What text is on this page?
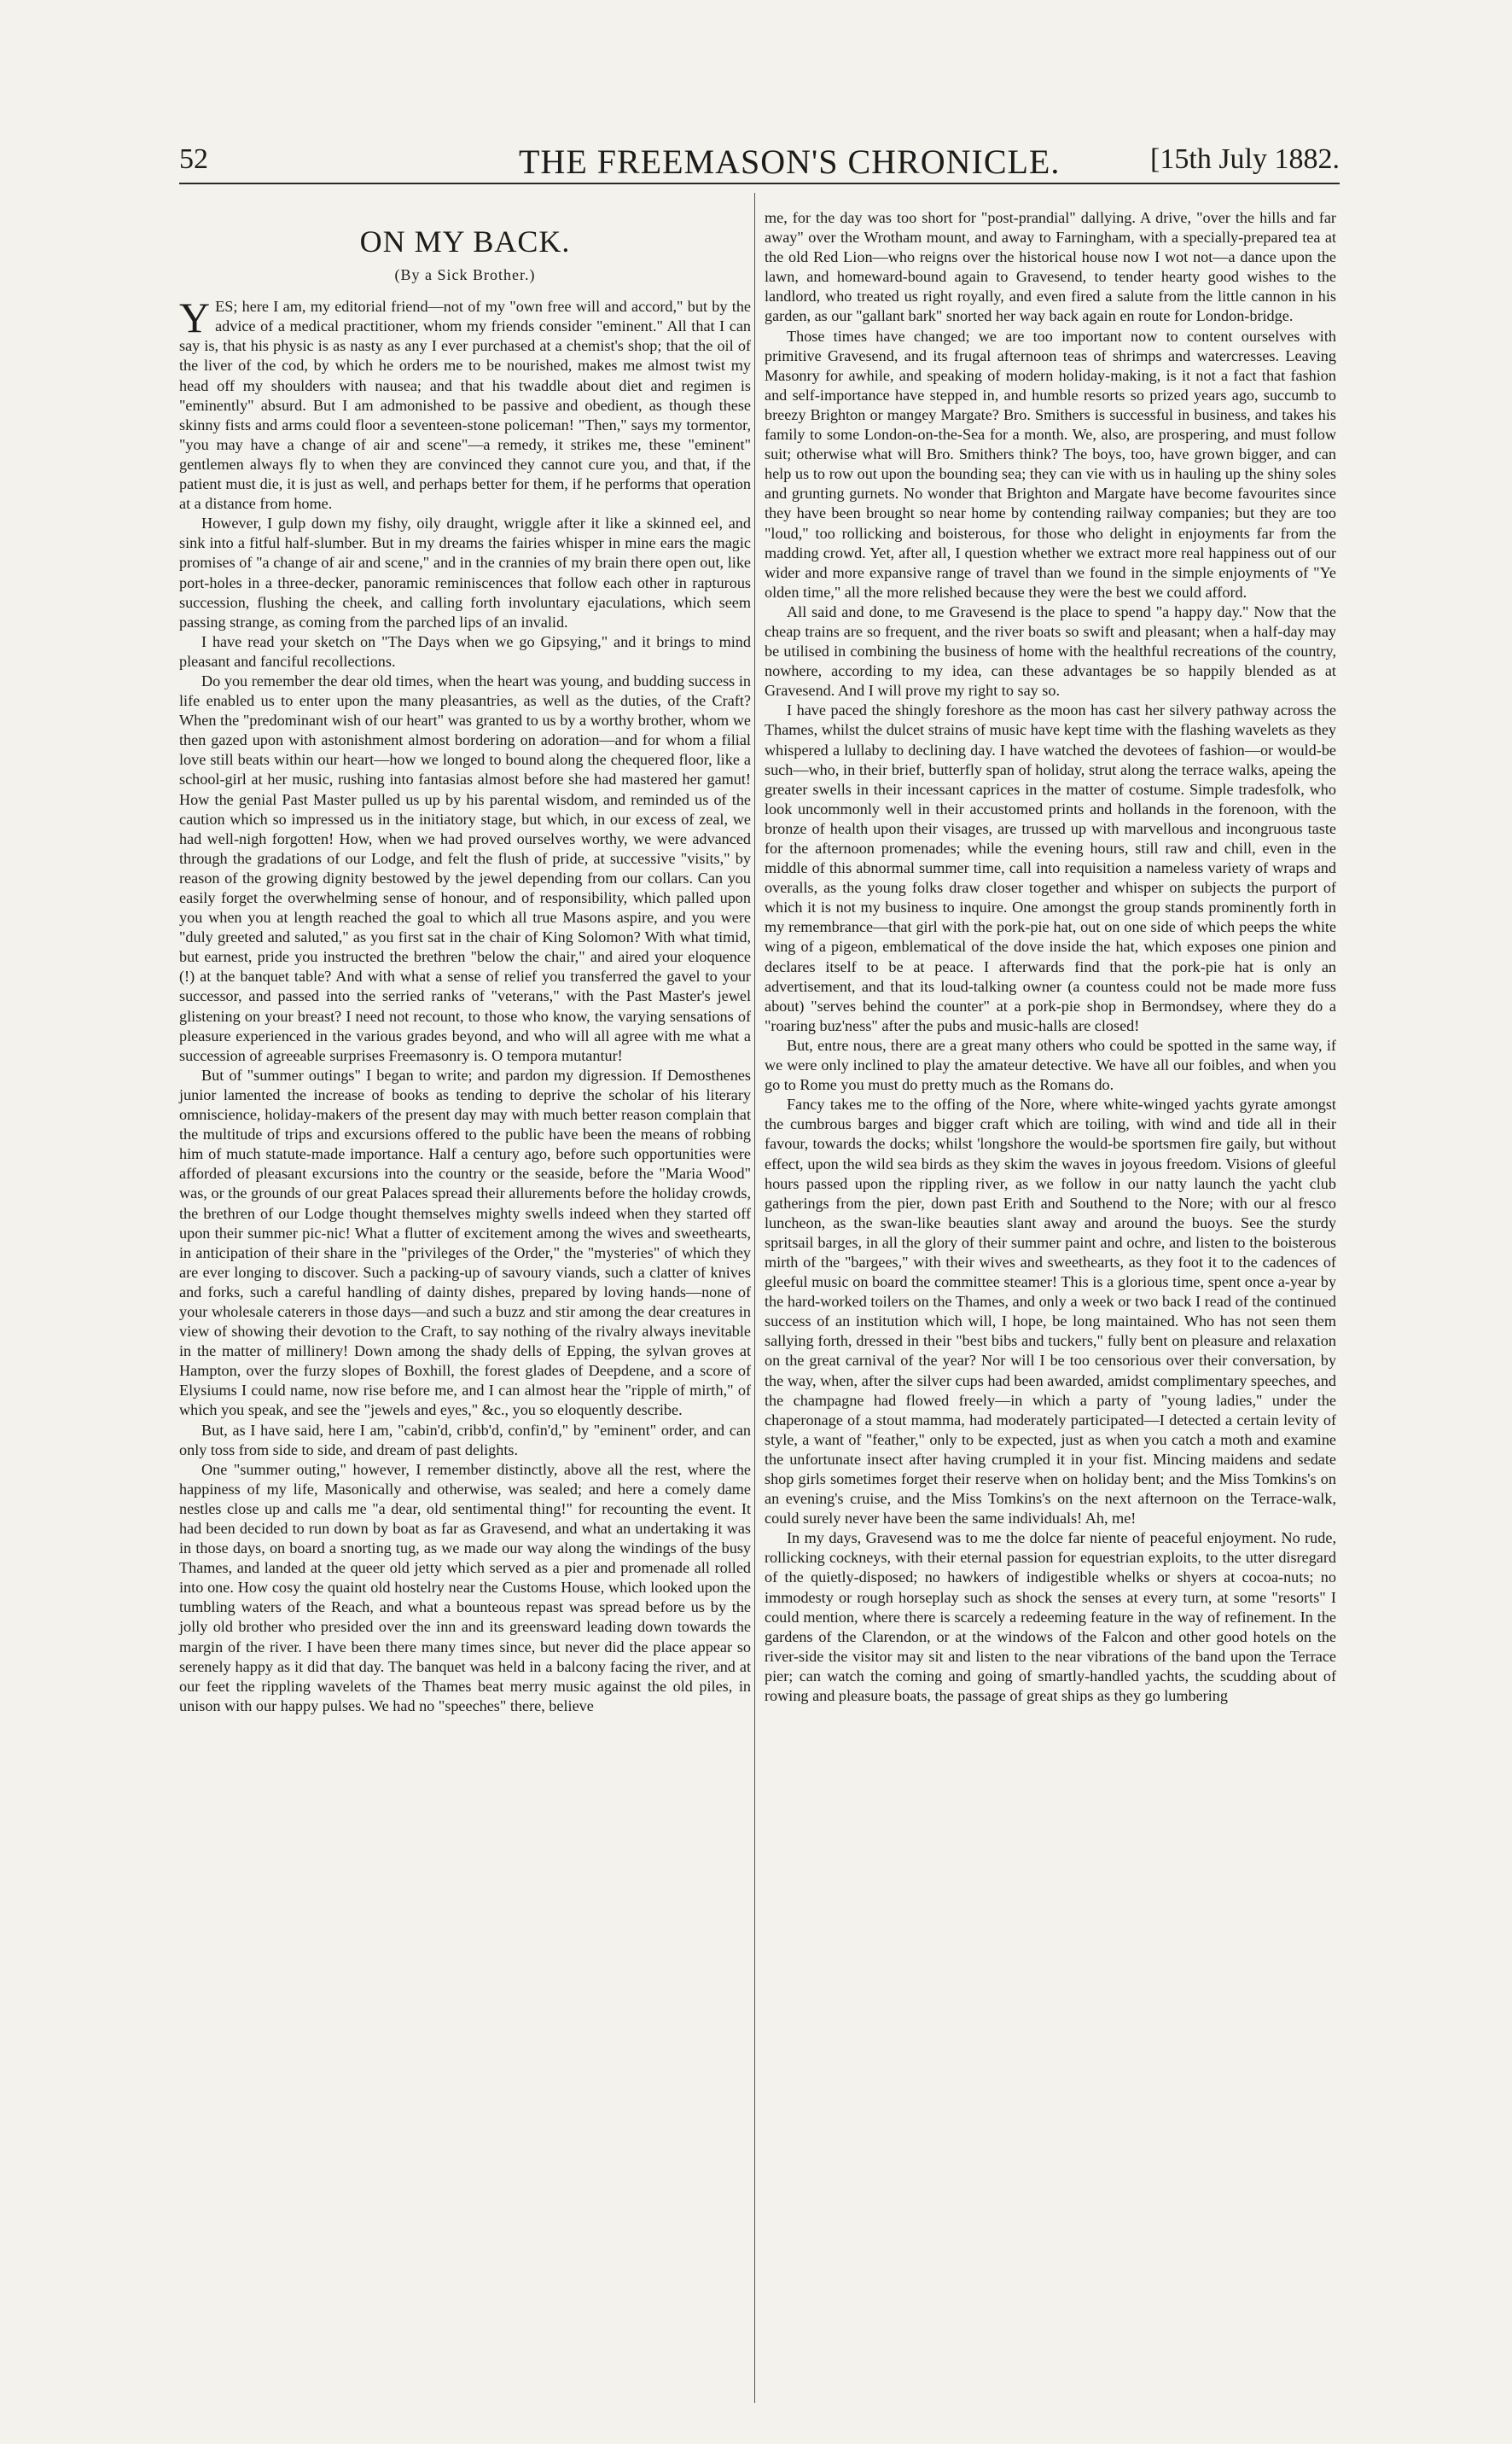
52	THE FREEMASON'S CHRONICLE.	[15th July 1882.
ON MY BACK.
(By a Sick Brother.)

YES; here I am, my editorial friend—not of my "own free will and accord," but by the advice of a medical practitioner, whom my friends consider "eminent." All that I can say is, that his physic is as nasty as any I ever purchased at a chemist's shop; that the oil of the liver of the cod, by which he orders me to be nourished, makes me almost twist my head off my shoulders with nausea; and that his twaddle about diet and regimen is "eminently" absurd. But I am admonished to be passive and obedient, as though these skinny fists and arms could floor a seventeen-stone policeman! "Then," says my tormentor, "you may have a change of air and scene"—a remedy, it strikes me, these "eminent" gentlemen always fly to when they are convinced they cannot cure you, and that, if the patient must die, it is just as well, and perhaps better for them, if he performs that operation at a distance from home.

However, I gulp down my fishy, oily draught, wriggle after it like a skinned eel, and sink into a fitful half-slumber. But in my dreams the fairies whisper in mine ears the magic promises of "a change of air and scene," and in the crannies of my brain there open out, like port-holes in a three-decker, panoramic reminiscences that follow each other in rapturous succession, flushing the cheek, and calling forth involuntary ejaculations, which seem passing strange, as coming from the parched lips of an invalid.

I have read your sketch on "The Days when we go Gipsying," and it brings to mind pleasant and fanciful recollections.

Do you remember the dear old times, when the heart was young, and budding success in life enabled us to enter upon the many pleasantries, as well as the duties, of the Craft? When the "predominant wish of our heart" was granted to us by a worthy brother, whom we then gazed upon with astonishment almost bordering on adoration—and for whom a filial love still beats within our heart—how we longed to bound along the chequered floor, like a school-girl at her music, rushing into fantasias almost before she had mastered her gamut! How the genial Past Master pulled us up by his parental wisdom, and reminded us of the caution which so impressed us in the initiatory stage, but which, in our excess of zeal, we had well-nigh forgotten! How, when we had proved ourselves worthy, we were advanced through the gradations of our Lodge, and felt the flush of pride, at successive "visits," by reason of the growing dignity bestowed by the jewel depending from our collars. Can you easily forget the overwhelming sense of honour, and of responsibility, which palled upon you when you at length reached the goal to which all true Masons aspire, and you were "duly greeted and saluted," as you first sat in the chair of King Solomon? With what timid, but earnest, pride you instructed the brethren "below the chair," and aired your eloquence (!) at the banquet table? And with what a sense of relief you transferred the gavel to your successor, and passed into the serried ranks of "veterans," with the Past Master's jewel glistening on your breast? I need not recount, to those who know, the varying sensations of pleasure experienced in the various grades beyond, and who will all agree with me what a succession of agreeable surprises Freemasonry is. O tempora mutantur!

But of "summer outings" I began to write; and pardon my digression. If Demosthenes junior lamented the increase of books as tending to deprive the scholar of his literary omniscience, holiday-makers of the present day may with much better reason complain that the multitude of trips and excursions offered to the public have been the means of robbing him of much statute-made importance. Half a century ago, before such opportunities were afforded of pleasant excursions into the country or the seaside, before the "Maria Wood" was, or the grounds of our great Palaces spread their allurements before the holiday crowds, the brethren of our Lodge thought themselves mighty swells indeed when they started off upon their summer pic-nic! What a flutter of excitement among the wives and sweethearts, in anticipation of their share in the "privileges of the Order," the "mysteries" of which they are ever longing to discover. Such a packing-up of savoury viands, such a clatter of knives and forks, such a careful handling of dainty dishes, prepared by loving hands—none of your wholesale caterers in those days—and such a buzz and stir among the dear creatures in view of showing their devotion to the Craft, to say nothing of the rivalry always inevitable in the matter of millinery! Down among the shady dells of Epping, the sylvan groves at Hampton, over the furzy slopes of Boxhill, the forest glades of Deepdene, and a score of Elysiums I could name, now rise before me, and I can almost hear the "ripple of mirth," of which you speak, and see the "jewels and eyes," &c., you so eloquently describe.

But, as I have said, here I am, "cabin'd, cribb'd, confin'd," by "eminent" order, and can only toss from side to side, and dream of past delights.

One "summer outing," however, I remember distinctly, above all the rest, where the happiness of my life, Masonically and otherwise, was sealed; and here a comely dame nestles close up and calls me "a dear, old sentimental thing!" for recounting the event. It had been decided to run down by boat as far as Gravesend, and what an undertaking it was in those days, on board a snorting tug, as we made our way along the windings of the busy Thames, and landed at the queer old jetty which served as a pier and promenade all rolled into one. How cosy the quaint old hostelry near the Customs House, which looked upon the tumbling waters of the Reach, and what a bounteous repast was spread before us by the jolly old brother who presided over the inn and its greensward leading down towards the margin of the river. I have been there many times since, but never did the place appear so serenely happy as it did that day. The banquet was held in a balcony facing the river, and at our feet the rippling wavelets of the Thames beat merry music against the old piles, in unison with our happy pulses. We had no "speeches" there, believe

me, for the day was too short for "post-prandial" dallying. A drive, "over the hills and far away" over the Wrotham mount, and away to Farningham, with a specially-prepared tea at the old Red Lion—who reigns over the historical house now I wot not—a dance upon the lawn, and homeward-bound again to Gravesend, to tender hearty good wishes to the landlord, who treated us right royally, and even fired a salute from the little cannon in his garden, as our "gallant bark" snorted her way back again en route for London-bridge.

Those times have changed; we are too important now to content ourselves with primitive Gravesend, and its frugal afternoon teas of shrimps and watercresses. Leaving Masonry for awhile, and speaking of modern holiday-making, is it not a fact that fashion and self-importance have stepped in, and humble resorts so prized years ago, succumb to breezy Brighton or mangey Margate? Bro. Smithers is successful in business, and takes his family to some London-on-the-Sea for a month. We, also, are prospering, and must follow suit; otherwise what will Bro. Smithers think? The boys, too, have grown bigger, and can help us to row out upon the bounding sea; they can vie with us in hauling up the shiny soles and grunting gurnets. No wonder that Brighton and Margate have become favourites since they have been brought so near home by contending railway companies; but they are too "loud," too rollicking and boisterous, for those who delight in enjoyments far from the madding crowd. Yet, after all, I question whether we extract more real happiness out of our wider and more expansive range of travel than we found in the simple enjoyments of "Ye olden time," all the more relished because they were the best we could afford.

All said and done, to me Gravesend is the place to spend "a happy day." Now that the cheap trains are so frequent, and the river boats so swift and pleasant; when a half-day may be utilised in combining the business of home with the healthful recreations of the country, nowhere, according to my idea, can these advantages be so happily blended as at Gravesend. And I will prove my right to say so.

I have paced the shingly foreshore as the moon has cast her silvery pathway across the Thames, whilst the dulcet strains of music have kept time with the flashing wavelets as they whispered a lullaby to declining day. I have watched the devotees of fashion—or would-be such—who, in their brief, butterfly span of holiday, strut along the terrace walks, apeing the greater swells in their incessant caprices in the matter of costume. Simple tradesfolk, who look uncommonly well in their accustomed prints and hollands in the forenoon, with the bronze of health upon their visages, are trussed up with marvellous and incongruous taste for the afternoon promenades; while the evening hours, still raw and chill, even in the middle of this abnormal summer time, call into requisition a nameless variety of wraps and overalls, as the young folks draw closer together and whisper on subjects the purport of which it is not my business to inquire. One amongst the group stands prominently forth in my remembrance—that girl with the pork-pie hat, out on one side of which peeps the white wing of a pigeon, emblematical of the dove inside the hat, which exposes one pinion and declares itself to be at peace. I afterwards find that the pork-pie hat is only an advertisement, and that its loud-talking owner (a countess could not be made more fuss about) "serves behind the counter" at a pork-pie shop in Bermondsey, where they do a "roaring buz'ness" after the pubs and music-halls are closed!

But, entre nous, there are a great many others who could be spotted in the same way, if we were only inclined to play the amateur detective. We have all our foibles, and when you go to Rome you must do pretty much as the Romans do.

Fancy takes me to the offing of the Nore, where white-winged yachts gyrate amongst the cumbrous barges and bigger craft which are toiling, with wind and tide all in their favour, towards the docks; whilst 'longshore the would-be sportsmen fire gaily, but without effect, upon the wild sea birds as they skim the waves in joyous freedom. Visions of gleeful hours passed upon the rippling river, as we follow in our natty launch the yacht club gatherings from the pier, down past Erith and Southend to the Nore; with our al fresco luncheon, as the swan-like beauties slant away and around the buoys. See the sturdy spritsail barges, in all the glory of their summer paint and ochre, and listen to the boisterous mirth of the "bargees," with their wives and sweethearts, as they foot it to the cadences of gleeful music on board the committee steamer! This is a glorious time, spent once a-year by the hard-worked toilers on the Thames, and only a week or two back I read of the continued success of an institution which will, I hope, be long maintained. Who has not seen them sallying forth, dressed in their "best bibs and tuckers," fully bent on pleasure and relaxation on the great carnival of the year? Nor will I be too censorious over their conversation, by the way, when, after the silver cups had been awarded, amidst complimentary speeches, and the champagne had flowed freely—in which a party of "young ladies," under the chaperonage of a stout mamma, had moderately participated—I detected a certain levity of style, a want of "feather," only to be expected, just as when you catch a moth and examine the unfortunate insect after having crumpled it in your fist. Mincing maidens and sedate shop girls sometimes forget their reserve when on holiday bent; and the Miss Tomkins's on an evening's cruise, and the Miss Tomkins's on the next afternoon on the Terrace-walk, could surely never have been the same individuals! Ah, me!

In my days, Gravesend was to me the dolce far niente of peaceful enjoyment. No rude, rollicking cockneys, with their eternal passion for equestrian exploits, to the utter disregard of the quietly-disposed; no hawkers of indigestible whelks or shyers at cocoa-nuts; no immodesty or rough horseplay such as shock the senses at every turn, at some "resorts" I could mention, where there is scarcely a redeeming feature in the way of refinement. In the gardens of the Clarendon, or at the windows of the Falcon and other good hotels on the river-side the visitor may sit and listen to the near vibrations of the band upon the Terrace pier; can watch the coming and going of smartly-handled yachts, the scudding about of rowing and pleasure boats, the passage of great ships as they go lumbering
